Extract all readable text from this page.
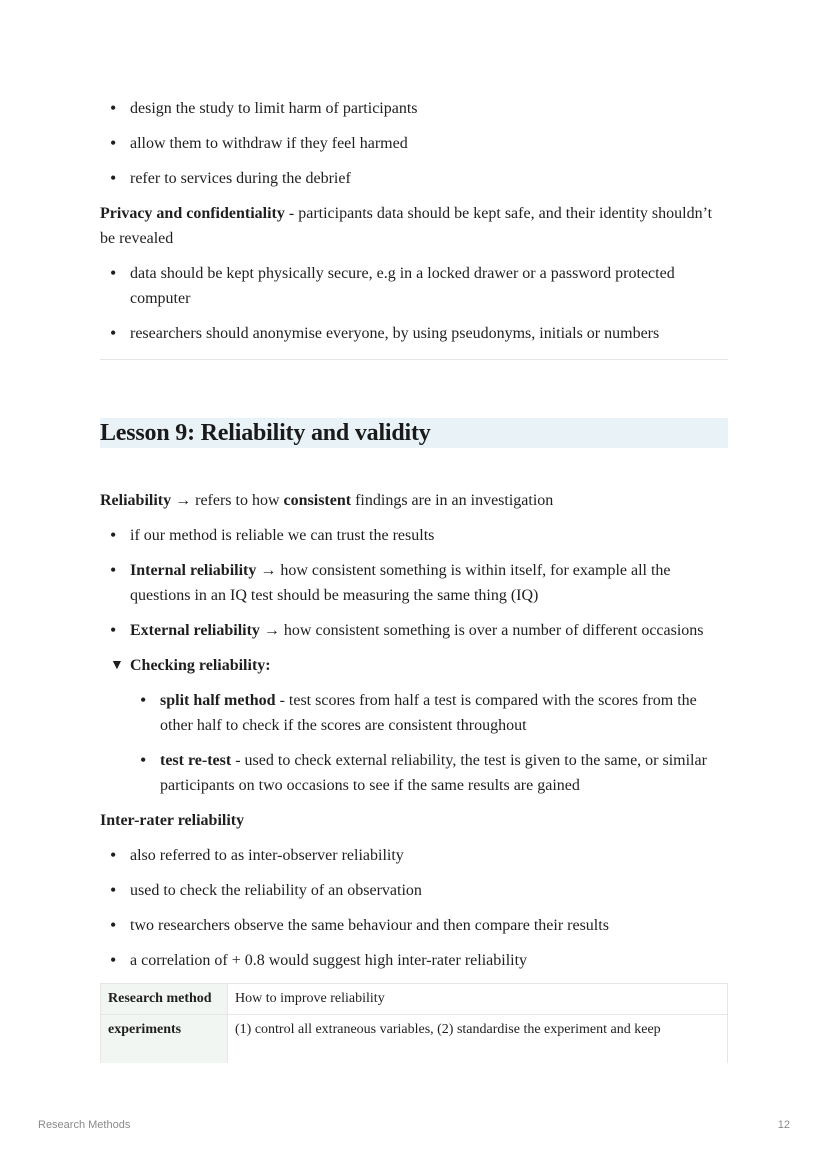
• design the study to limit harm of participants
• allow them to withdraw if they feel harmed
• refer to services during the debrief

Privacy and confidentiality - participants data should be kept safe, and their identity shouldn’t be revealed

• data should be kept physically secure, e.g in a locked drawer or a password protected computer
• researchers should anonymise everyone, by using pseudonyms, initials or numbers
Lesson 9: Reliability and validity

Reliability → refers to how consistent findings are in an investigation

• if our method is reliable we can trust the results
• Internal reliability → how consistent something is within itself, for example all the questions in an IQ test should be measuring the same thing (IQ)
• External reliability → how consistent something is over a number of different occasions
▼ Checking reliability:
• split half method - test scores from half a test is compared with the scores from the other half to check if the scores are consistent throughout
• test re-test - used to check external reliability, the test is given to the same, or similar participants on two occasions to see if the same results are gained

Inter-rater reliability

• also referred to as inter-observer reliability
• used to check the reliability of an observation
• two researchers observe the same behaviour and then compare their results
• a correlation of + 0.8 would suggest high inter-rater reliability
Research method	How to improve reliability
experiments	(1) control all extraneous variables, (2) standardise the experiment and keep
Research Methods	12
